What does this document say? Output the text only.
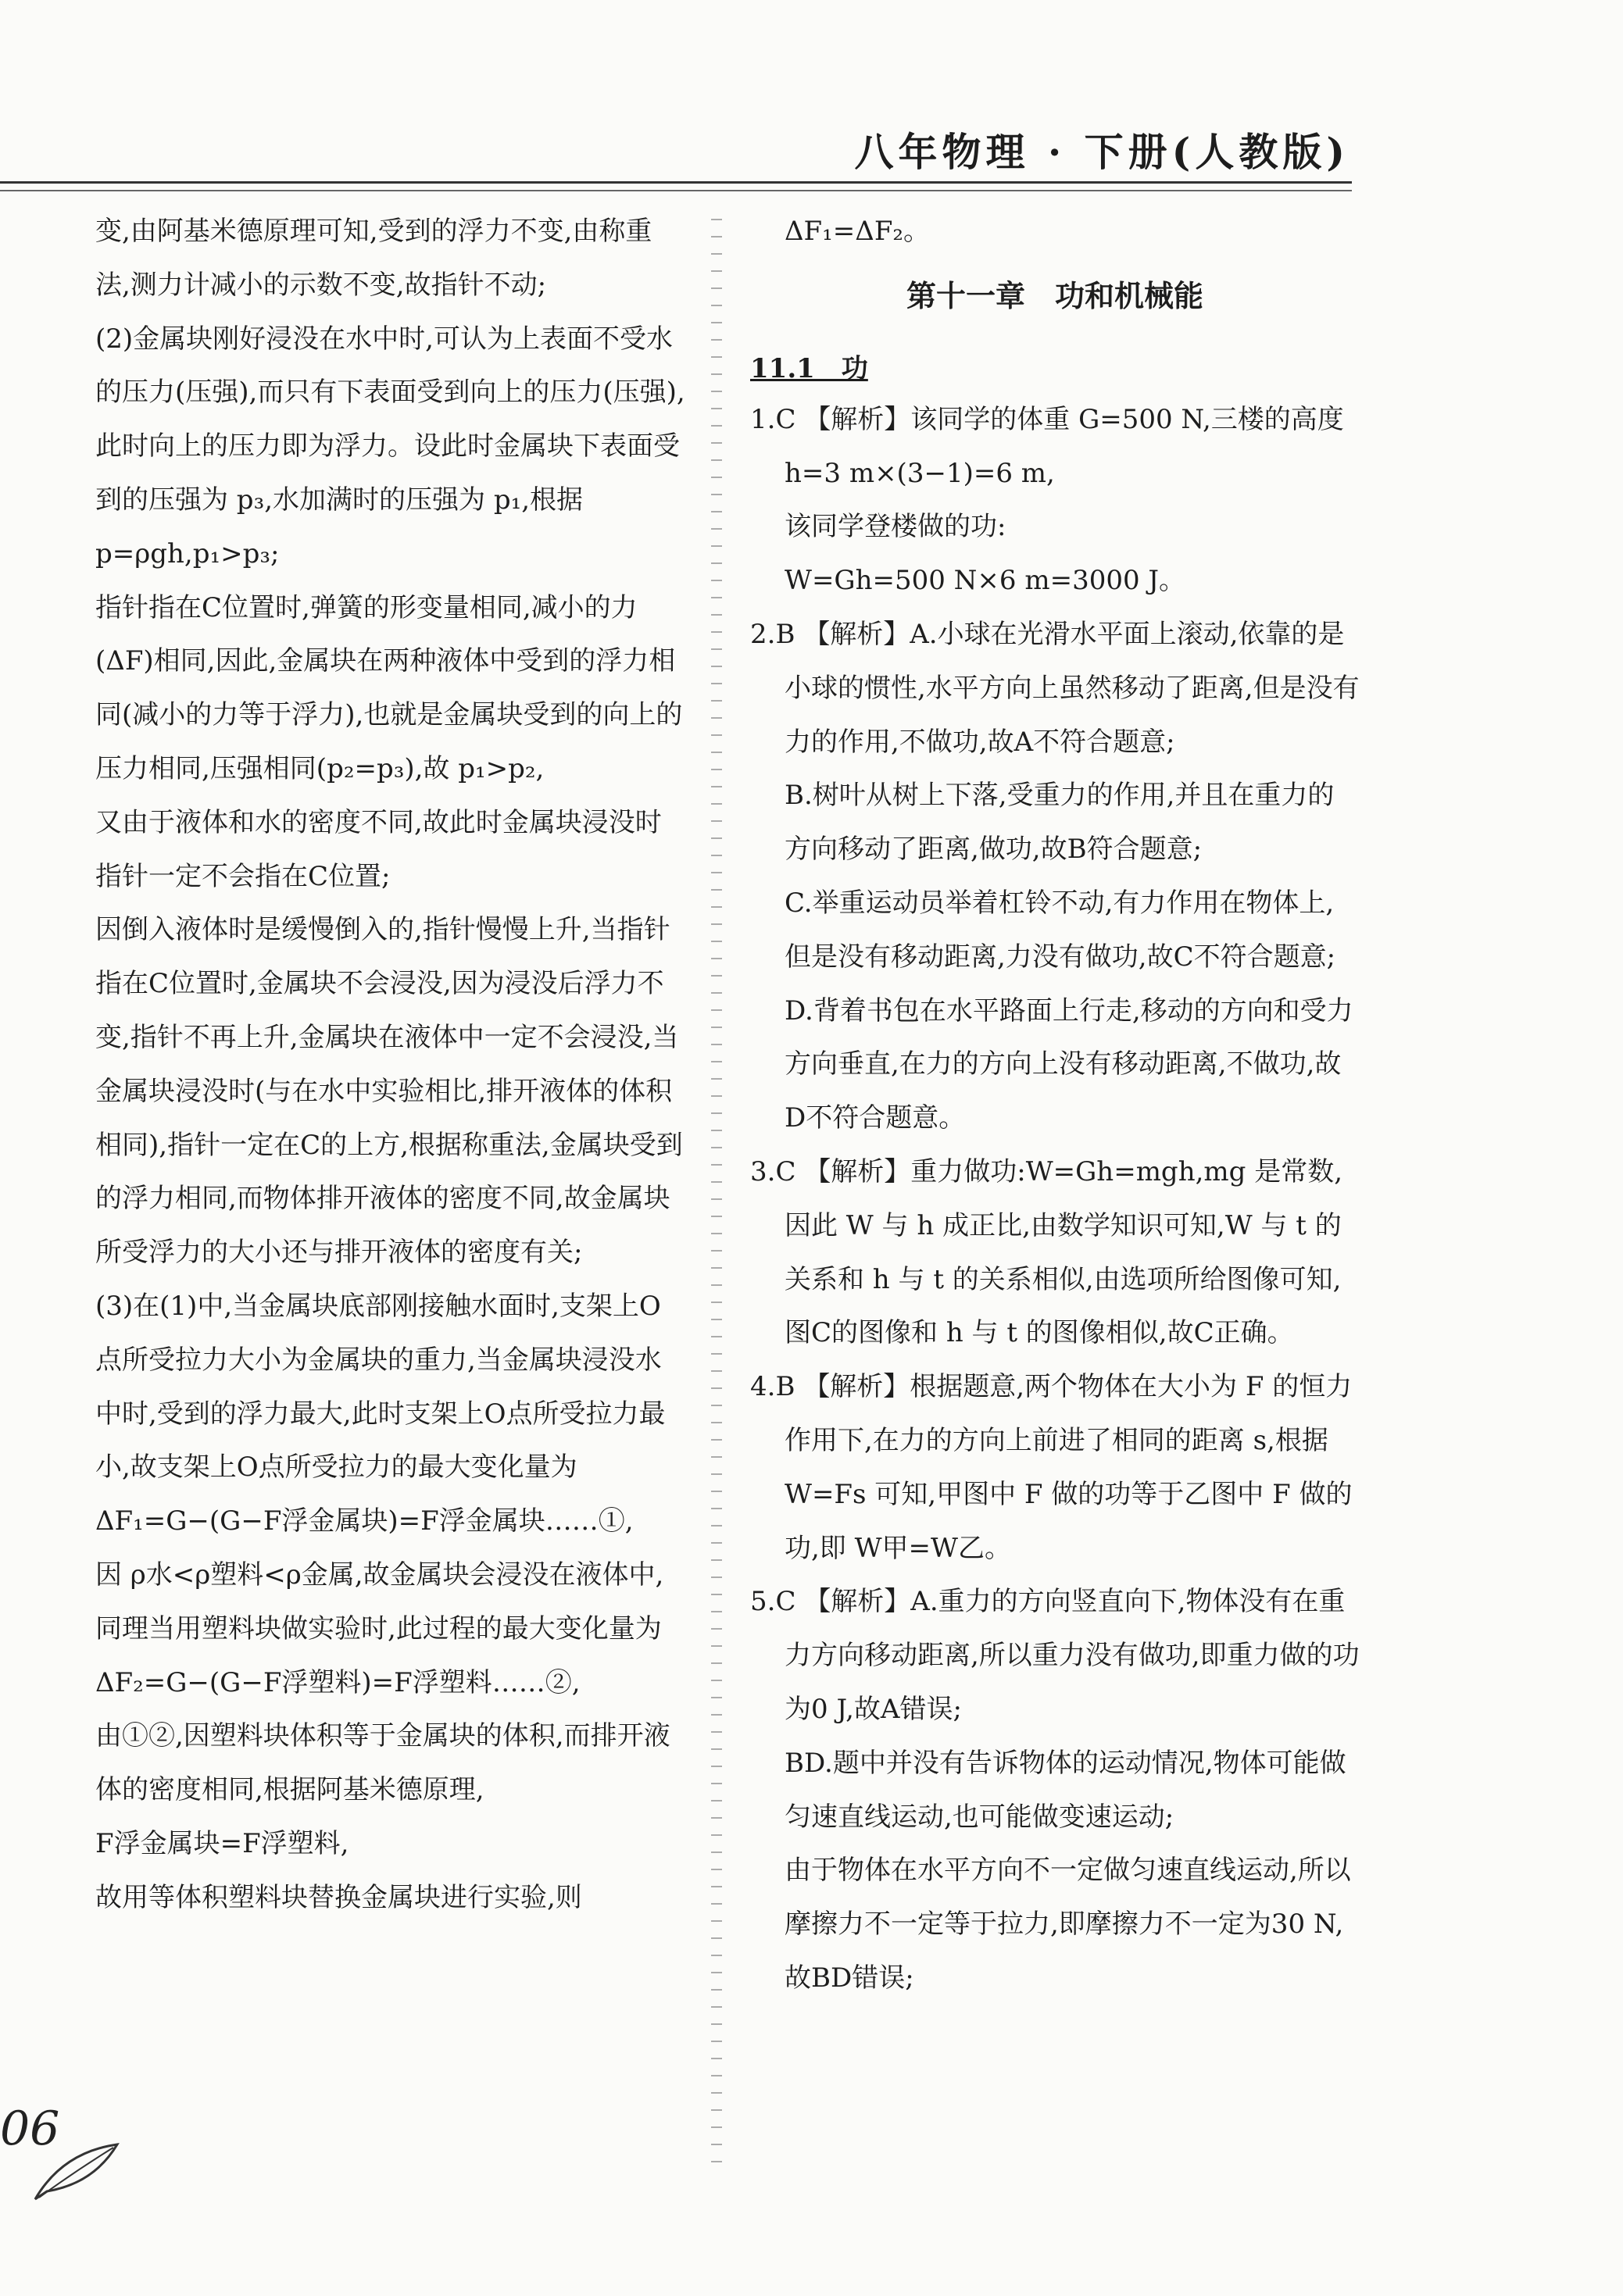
八年物理 · 下册(人教版)

变,由阿基米德原理可知,受到的浮力不变,由称重法,测力计减小的示数不变,故指针不动;

(2)金属块刚好浸没在水中时,可认为上表面不受水的压力(压强),而只有下表面受到向上的压力(压强),此时向上的压力即为浮力。设此时金属块下表面受到的压强为 p₃,水加满时的压强为 p₁,根据 p=ρgh,p₁>p₃;

指针指在C位置时,弹簧的形变量相同,减小的力(ΔF)相同,因此,金属块在两种液体中受到的浮力相同(减小的力等于浮力),也就是金属块受到的向上的压力相同,压强相同(p₂=p₃),故 p₁>p₂,

又由于液体和水的密度不同,故此时金属块浸没时指针一定不会指在C位置;

因倒入液体时是缓慢倒入的,指针慢慢上升,当指针指在C位置时,金属块不会浸没,因为浸没后浮力不变,指针不再上升,金属块在液体中一定不会浸没,当金属块浸没时(与在水中实验相比,排开液体的体积相同),指针一定在C的上方,根据称重法,金属块受到的浮力相同,而物体排开液体的密度不同,故金属块所受浮力的大小还与排开液体的密度有关;

(3)在(1)中,当金属块底部刚接触水面时,支架上O点所受拉力大小为金属块的重力,当金属块浸没水中时,受到的浮力最大,此时支架上O点所受拉力最小,故支架上O点所受拉力的最大变化量为 ΔF₁=G−(G−F浮金属块)=F浮金属块……①,

因 ρ水<ρ塑料<ρ金属,故金属块会浸没在液体中,同理当用塑料块做实验时,此过程的最大变化量为 ΔF₂=G−(G−F浮塑料)=F浮塑料……②,

由①②,因塑料块体积等于金属块的体积,而排开液体的密度相同,根据阿基米德原理,

F浮金属块=F浮塑料,

故用等体积塑料块替换金属块进行实验,则

ΔF₁=ΔF₂。

第十一章　功和机械能

11.1　功

1.C 【解析】该同学的体重 G=500 N,三楼的高度 h=3 m×(3−1)=6 m,

该同学登楼做的功:

W=Gh=500 N×6 m=3000 J。

2.B 【解析】A.小球在光滑水平面上滚动,依靠的是小球的惯性,水平方向上虽然移动了距离,但是没有力的作用,不做功,故A不符合题意;

B.树叶从树上下落,受重力的作用,并且在重力的方向移动了距离,做功,故B符合题意;

C.举重运动员举着杠铃不动,有力作用在物体上,但是没有移动距离,力没有做功,故C不符合题意;

D.背着书包在水平路面上行走,移动的方向和受力方向垂直,在力的方向上没有移动距离,不做功,故D不符合题意。

3.C 【解析】重力做功:W=Gh=mgh,mg 是常数,因此 W 与 h 成正比,由数学知识可知,W 与 t 的关系和 h 与 t 的关系相似,由选项所给图像可知,图C的图像和 h 与 t 的图像相似,故C正确。

4.B 【解析】根据题意,两个物体在大小为 F 的恒力作用下,在力的方向上前进了相同的距离 s,根据 W=Fs 可知,甲图中 F 做的功等于乙图中 F 做的功,即 W甲=W乙。

5.C 【解析】A.重力的方向竖直向下,物体没有在重力方向移动距离,所以重力没有做功,即重力做的功为0 J,故A错误;

BD.题中并没有告诉物体的运动情况,物体可能做匀速直线运动,也可能做变速运动;

由于物体在水平方向不一定做匀速直线运动,所以摩擦力不一定等于拉力,即摩擦力不一定为30 N,故BD错误;

06
